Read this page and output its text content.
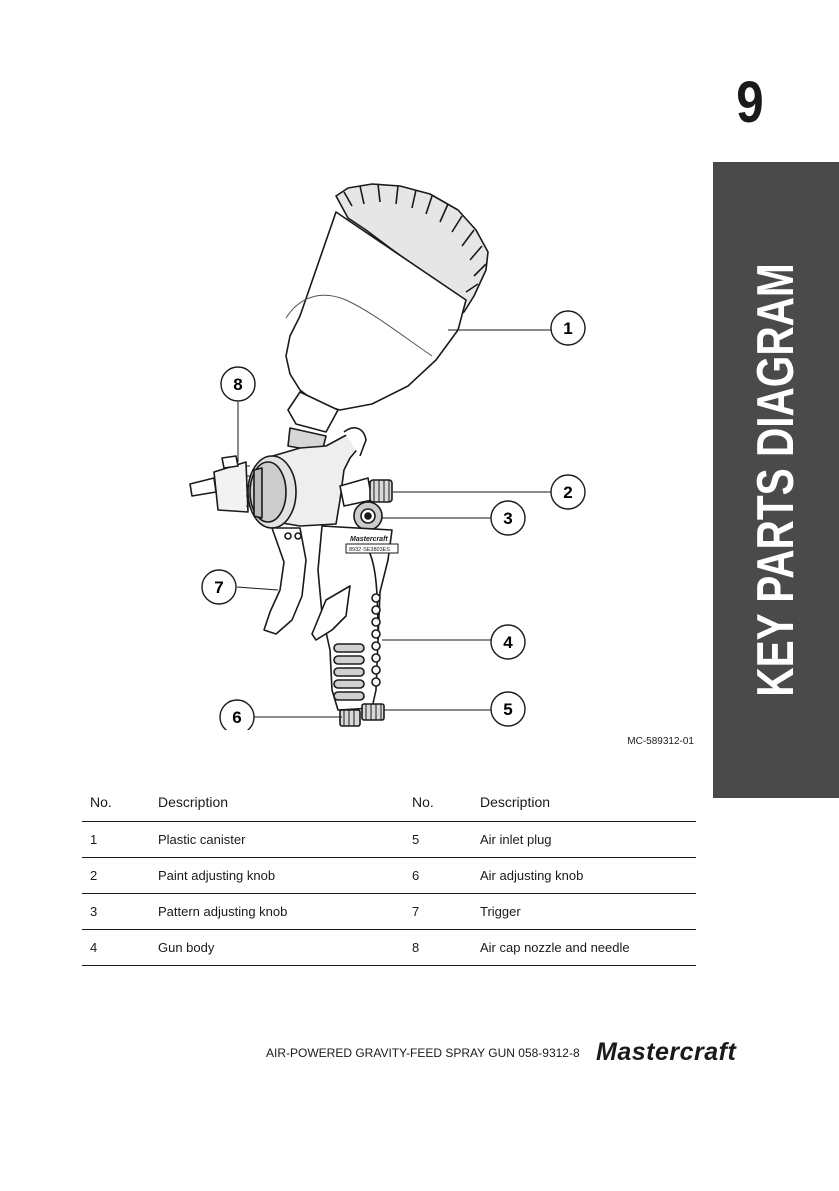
9
KEY PARTS DIAGRAM
Mastercraft
8932·SE3803ES
1
2
3
4
5
6
7
8
MC-589312-01
No.	Description	No.	Description
1	Plastic canister	5	Air inlet plug
2	Paint adjusting knob	6	Air adjusting knob
3	Pattern adjusting knob	7	Trigger
4	Gun body	8	Air cap nozzle and needle
AIR-POWERED GRAVITY-FEED SPRAY GUN 058-9312-8 Mastercraft
